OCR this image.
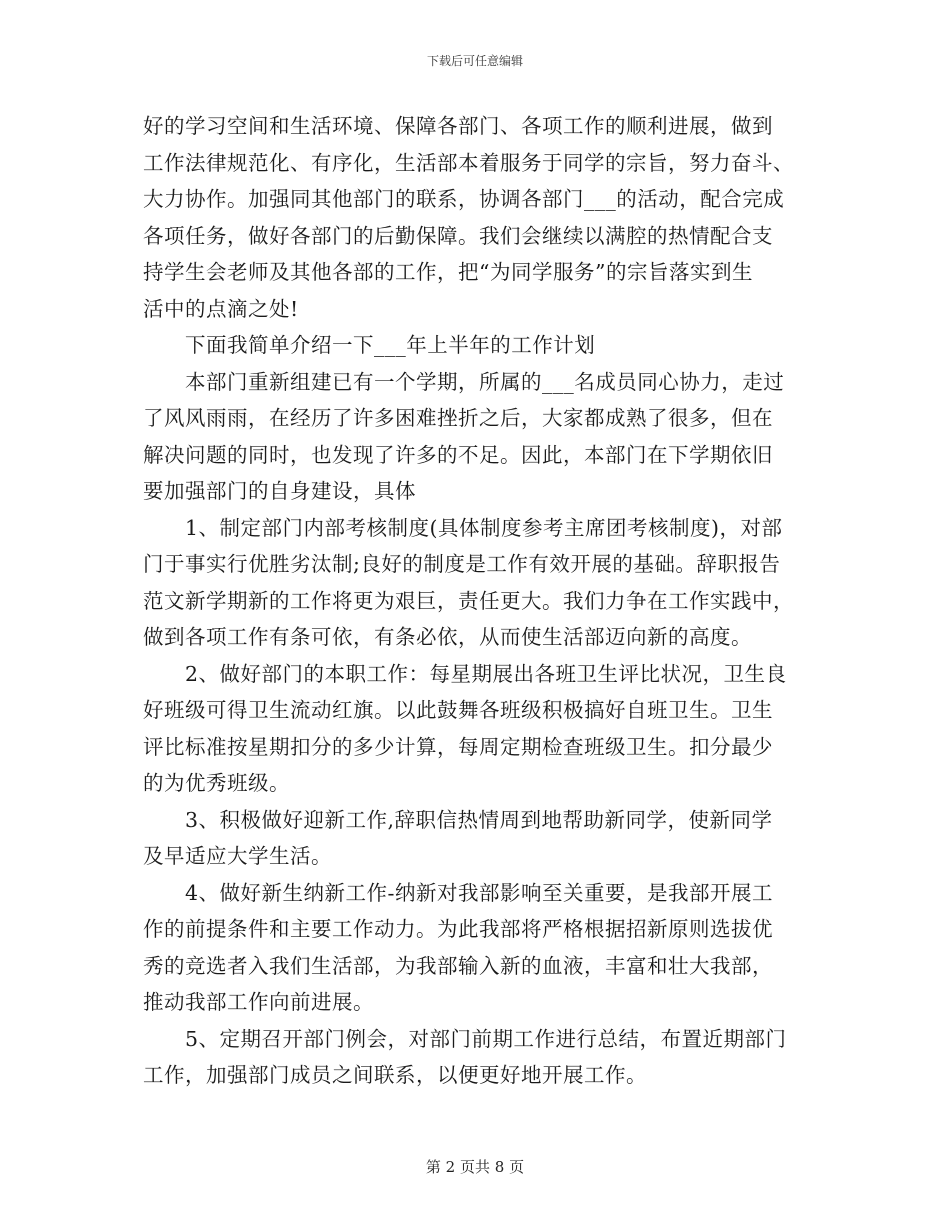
下载后可任意编辑
好的学习空间和生活环境、保障各部门、各项工作的顺利进展，做到
工作法律规范化、有序化，生活部本着服务于同学的宗旨，努力奋斗、
大力协作。加强同其他部门的联系，协调各部门___的活动，配合完成
各项任务，做好各部门的后勤保障。我们会继续以满腔的热情配合支
持学生会老师及其他各部的工作，把“为同学服务”的宗旨落实到生
活中的点滴之处!
　　下面我简单介绍一下___年上半年的工作计划
　　本部门重新组建已有一个学期，所属的___名成员同心协力，走过
了风风雨雨，在经历了许多困难挫折之后，大家都成熟了很多，但在
解决问题的同时，也发现了许多的不足。因此，本部门在下学期依旧
要加强部门的自身建设，具体
　　1、制定部门内部考核制度(具体制度参考主席团考核制度)，对部
门于事实行优胜劣汰制;良好的制度是工作有效开展的基础。辞职报告
范文新学期新的工作将更为艰巨，责任更大。我们力争在工作实践中，
做到各项工作有条可依，有条必依，从而使生活部迈向新的高度。
　　2、做好部门的本职工作：每星期展出各班卫生评比状况，卫生良
好班级可得卫生流动红旗。以此鼓舞各班级积极搞好自班卫生。卫生
评比标准按星期扣分的多少计算，每周定期检查班级卫生。扣分最少
的为优秀班级。
　　3、积极做好迎新工作,辞职信热情周到地帮助新同学，使新同学
及早适应大学生活。
　　4、做好新生纳新工作-纳新对我部影响至关重要，是我部开展工
作的前提条件和主要工作动力。为此我部将严格根据招新原则选拔优
秀的竞选者入我们生活部，为我部输入新的血液，丰富和壮大我部，
推动我部工作向前进展。
　　5、定期召开部门例会，对部门前期工作进行总结，布置近期部门
工作，加强部门成员之间联系，以便更好地开展工作。
第 2 页共 8 页
